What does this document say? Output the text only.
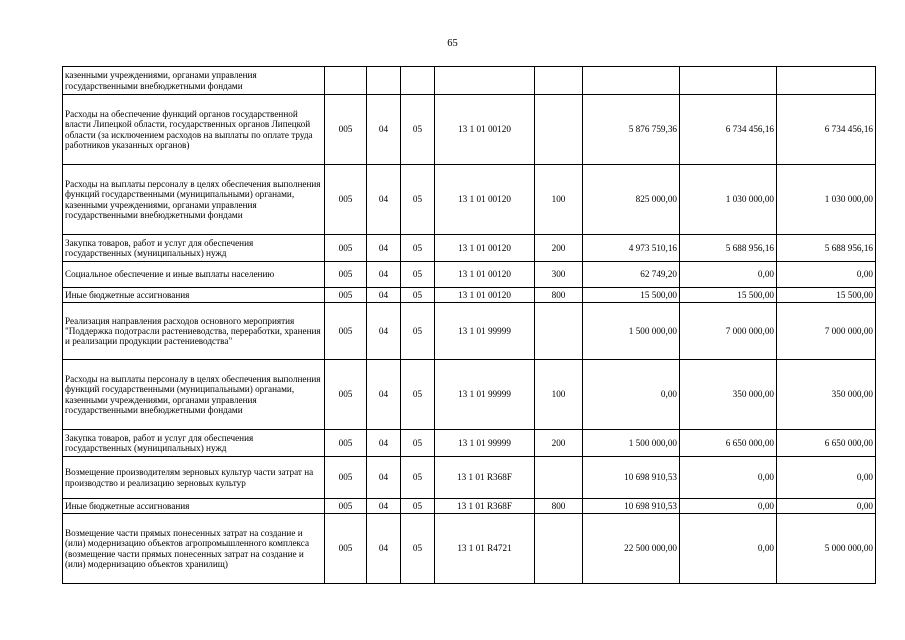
65
казенными учреждениями, органами управления государственными внебюджетными фондами								
Расходы на обеспечение функций органов государственной власти Липецкой области, государственных органов Липецкой области (за исключением расходов на выплаты по оплате труда работников указанных органов)	005	04	05	13 1 01 00120		5 876 759,36	6 734 456,16	6 734 456,16
Расходы на выплаты персоналу в целях обеспечения выполнения функций государственными (муниципальными) органами, казенными учреждениями, органами управления государственными внебюджетными фондами	005	04	05	13 1 01 00120	100	825 000,00	1 030 000,00	1 030 000,00
Закупка товаров, работ и услуг для обеспечения государственных (муниципальных) нужд	005	04	05	13 1 01 00120	200	4 973 510,16	5 688 956,16	5 688 956,16
Социальное обеспечение и иные выплаты населению	005	04	05	13 1 01 00120	300	62 749,20	0,00	0,00
Иные бюджетные ассигнования	005	04	05	13 1 01 00120	800	15 500,00	15 500,00	15 500,00
Реализация направления расходов основного мероприятия "Поддержка подотрасли растениеводства, переработки, хранения и реализации продукции растениеводства"	005	04	05	13 1 01 99999		1 500 000,00	7 000 000,00	7 000 000,00
Расходы на выплаты персоналу в целях обеспечения выполнения функций государственными (муниципальными) органами, казенными учреждениями, органами управления государственными внебюджетными фондами	005	04	05	13 1 01 99999	100	0,00	350 000,00	350 000,00
Закупка товаров, работ и услуг для обеспечения государственных (муниципальных) нужд	005	04	05	13 1 01 99999	200	1 500 000,00	6 650 000,00	6 650 000,00
Возмещение производителям зерновых культур части затрат на производство и реализацию зерновых культур	005	04	05	13 1 01 R368F		10 698 910,53	0,00	0,00
Иные бюджетные ассигнования	005	04	05	13 1 01 R368F	800	10 698 910,53	0,00	0,00
Возмещение части прямых понесенных затрат на создание и (или) модернизацию объектов агропромышленного комплекса (возмещение части прямых понесенных затрат на создание и (или) модернизацию объектов хранилищ)	005	04	05	13 1 01 R4721		22 500 000,00	0,00	5 000 000,00
